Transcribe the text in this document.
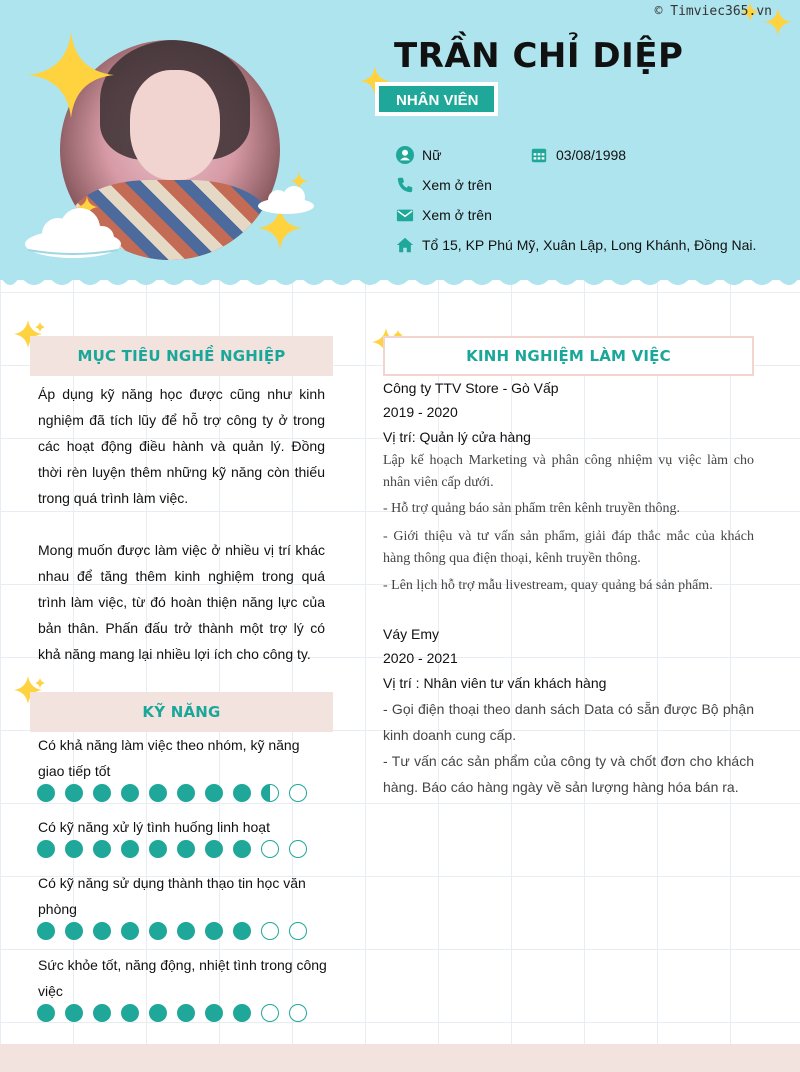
TRẦN CHỈ DIỆP
NHÂN VIÊN
Nữ	03/08/1998
Xem ở trên
Xem ở trên
Tổ 15, KP Phú Mỹ, Xuân Lập, Long Khánh, Đồng Nai.
MỤC TIÊU NGHỀ NGHIỆP
Áp dụng kỹ năng học được cũng như kinh nghiệm đã tích lũy để hỗ trợ công ty ở trong các hoạt động điều hành và quản lý. Đồng thời rèn luyện thêm những kỹ năng còn thiếu trong quá trình làm việc.
Mong muốn được làm việc ở nhiều vị trí khác nhau để tăng thêm kinh nghiệm trong quá trình làm việc, từ đó hoàn thiện năng lực của bản thân. Phấn đấu trở thành một trợ lý có khả năng mang lại nhiều lợi ích cho công ty.
KỸ NĂNG
Có khả năng làm việc theo nhóm, kỹ năng giao tiếp tốt
Có kỹ năng xử lý tình huống linh hoạt
Có kỹ năng sử dụng thành thạo tin học văn phòng
Sức khỏe tốt, năng động, nhiệt tình trong công việc
KINH NGHIỆM LÀM VIỆC
Công ty TTV Store - Gò Vấp
2019 - 2020
Vị trí: Quản lý cửa hàng
Lập kế hoạch Marketing và phân công nhiệm vụ việc làm cho nhân viên cấp dưới.
- Hỗ trợ quảng báo sản phẩm trên kênh truyền thông.
- Giới thiệu và tư vấn sản phẩm, giải đáp thắc mắc của khách hàng thông qua điện thoại, kênh truyền thông.
- Lên lịch hỗ trợ mẫu livestream, quay quảng bá sản phẩm.
Váy Emy
2020 - 2021
Vị trí : Nhân viên tư vấn khách hàng
- Gọi điện thoại theo danh sách Data có sẵn được Bộ phận kinh doanh cung cấp.
- Tư vấn các sản phẩm của công ty và chốt đơn cho khách hàng. Báo cáo hàng ngày về sản lượng hàng hóa bán ra.
© Timviec365.vn
